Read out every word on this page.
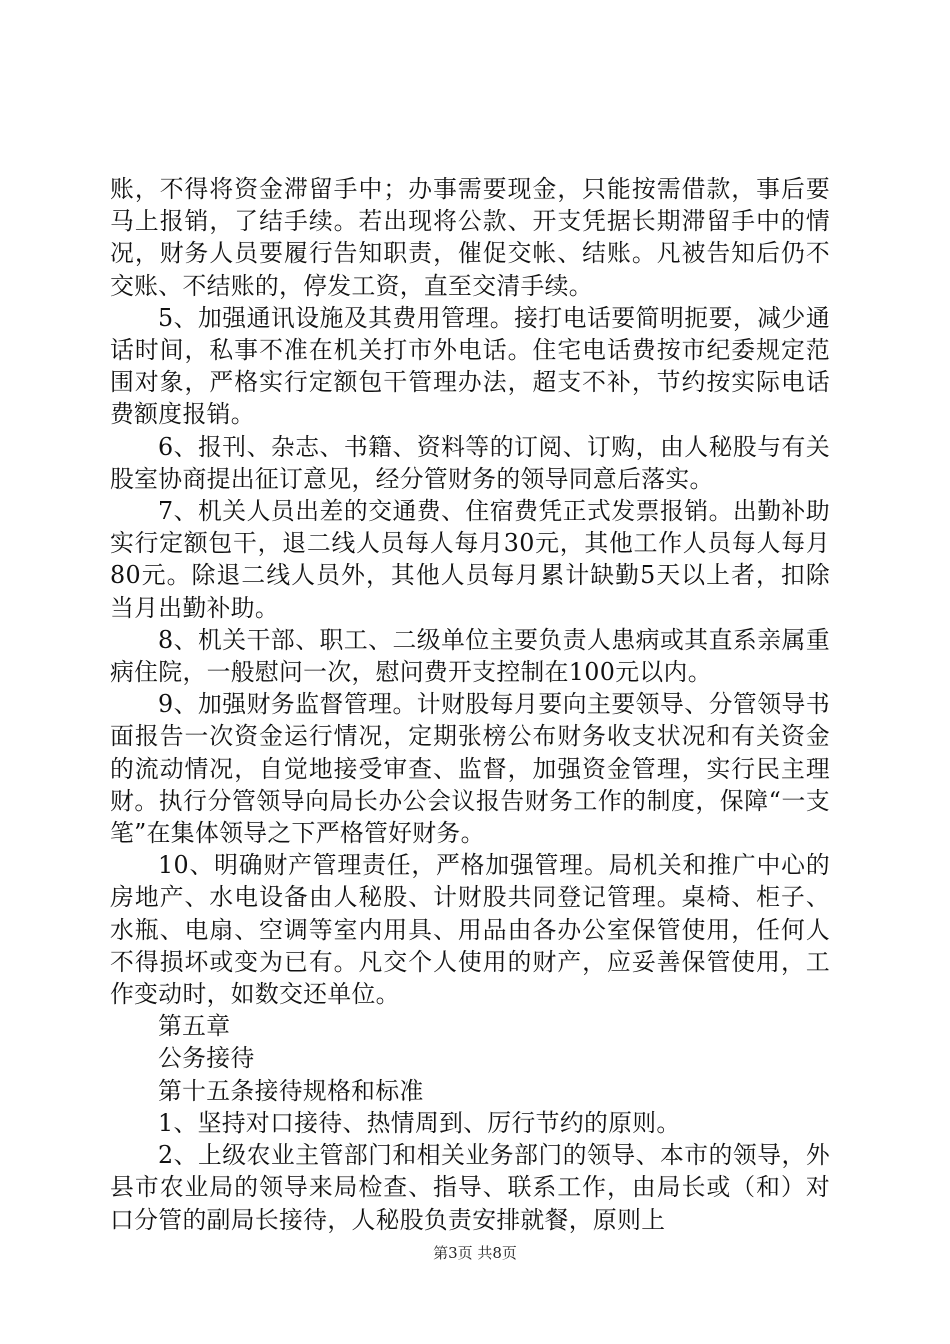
账，不得将资金滞留手中；办事需要现金，只能按需借款，事后要马上报销，了结手续。若出现将公款、开支凭据长期滞留手中的情况，财务人员要履行告知职责，催促交帐、结账。凡被告知后仍不交账、不结账的，停发工资，直至交清手续。

5、加强通讯设施及其费用管理。接打电话要简明扼要，减少通话时间，私事不准在机关打市外电话。住宅电话费按市纪委规定范围对象，严格实行定额包干管理办法，超支不补，节约按实际电话费额度报销。

6、报刊、杂志、书籍、资料等的订阅、订购，由人秘股与有关股室协商提出征订意见，经分管财务的领导同意后落实。

7、机关人员出差的交通费、住宿费凭正式发票报销。出勤补助实行定额包干，退二线人员每人每月30元，其他工作人员每人每月80元。除退二线人员外，其他人员每月累计缺勤5天以上者，扣除当月出勤补助。

8、机关干部、职工、二级单位主要负责人患病或其直系亲属重病住院，一般慰问一次，慰问费开支控制在100元以内。

9、加强财务监督管理。计财股每月要向主要领导、分管领导书面报告一次资金运行情况，定期张榜公布财务收支状况和有关资金的流动情况，自觉地接受审查、监督，加强资金管理，实行民主理财。执行分管领导向局长办公会议报告财务工作的制度，保障“一支笔”在集体领导之下严格管好财务。

10、明确财产管理责任，严格加强管理。局机关和推广中心的房地产、水电设备由人秘股、计财股共同登记管理。桌椅、柜子、水瓶、电扇、空调等室内用具、用品由各办公室保管使用，任何人不得损坏或变为已有。凡交个人使用的财产，应妥善保管使用，工作变动时，如数交还单位。

第五章

公务接待

第十五条接待规格和标准

1、坚持对口接待、热情周到、厉行节约的原则。

2、上级农业主管部门和相关业务部门的领导、本市的领导，外县市农业局的领导来局检查、指导、联系工作，由局长或（和）对口分管的副局长接待，人秘股负责安排就餐，原则上

第3页 共8页
